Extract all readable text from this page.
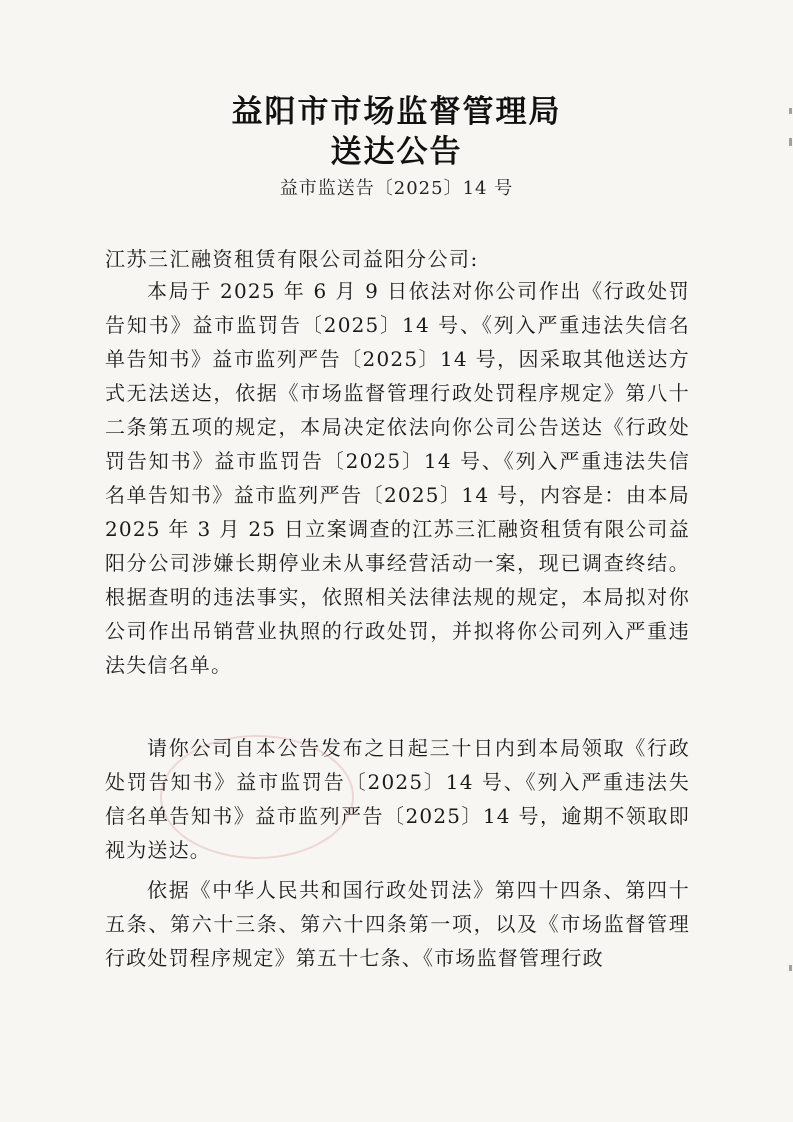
益阳市市场监督管理局
送达公告
益市监送告〔2025〕14 号
江苏三汇融资租赁有限公司益阳分公司:

本局于 2025 年 6 月 9 日依法对你公司作出《行政处罚告知书》益市监罚告〔2025〕14 号、《列入严重违法失信名单告知书》益市监列严告〔2025〕14 号，因采取其他送达方式无法送达，依据《市场监督管理行政处罚程序规定》第八十二条第五项的规定，本局决定依法向你公司公告送达《行政处罚告知书》益市监罚告〔2025〕14 号、《列入严重违法失信名单告知书》益市监列严告〔2025〕14 号，内容是：由本局 2025 年 3 月 25 日立案调查的江苏三汇融资租赁有限公司益阳分公司涉嫌长期停业未从事经营活动一案，现已调查终结。根据查明的违法事实，依照相关法律法规的规定，本局拟对你公司作出吊销营业执照的行政处罚，并拟将你公司列入严重违法失信名单。

请你公司自本公告发布之日起三十日内到本局领取《行政处罚告知书》益市监罚告〔2025〕14 号、《列入严重违法失信名单告知书》益市监列严告〔2025〕14 号，逾期不领取即视为送达。

依据《中华人民共和国行政处罚法》第四十四条、第四十五条、第六十三条、第六十四条第一项，以及《市场监督管理行政处罚程序规定》第五十七条、《市场监督管理行政
